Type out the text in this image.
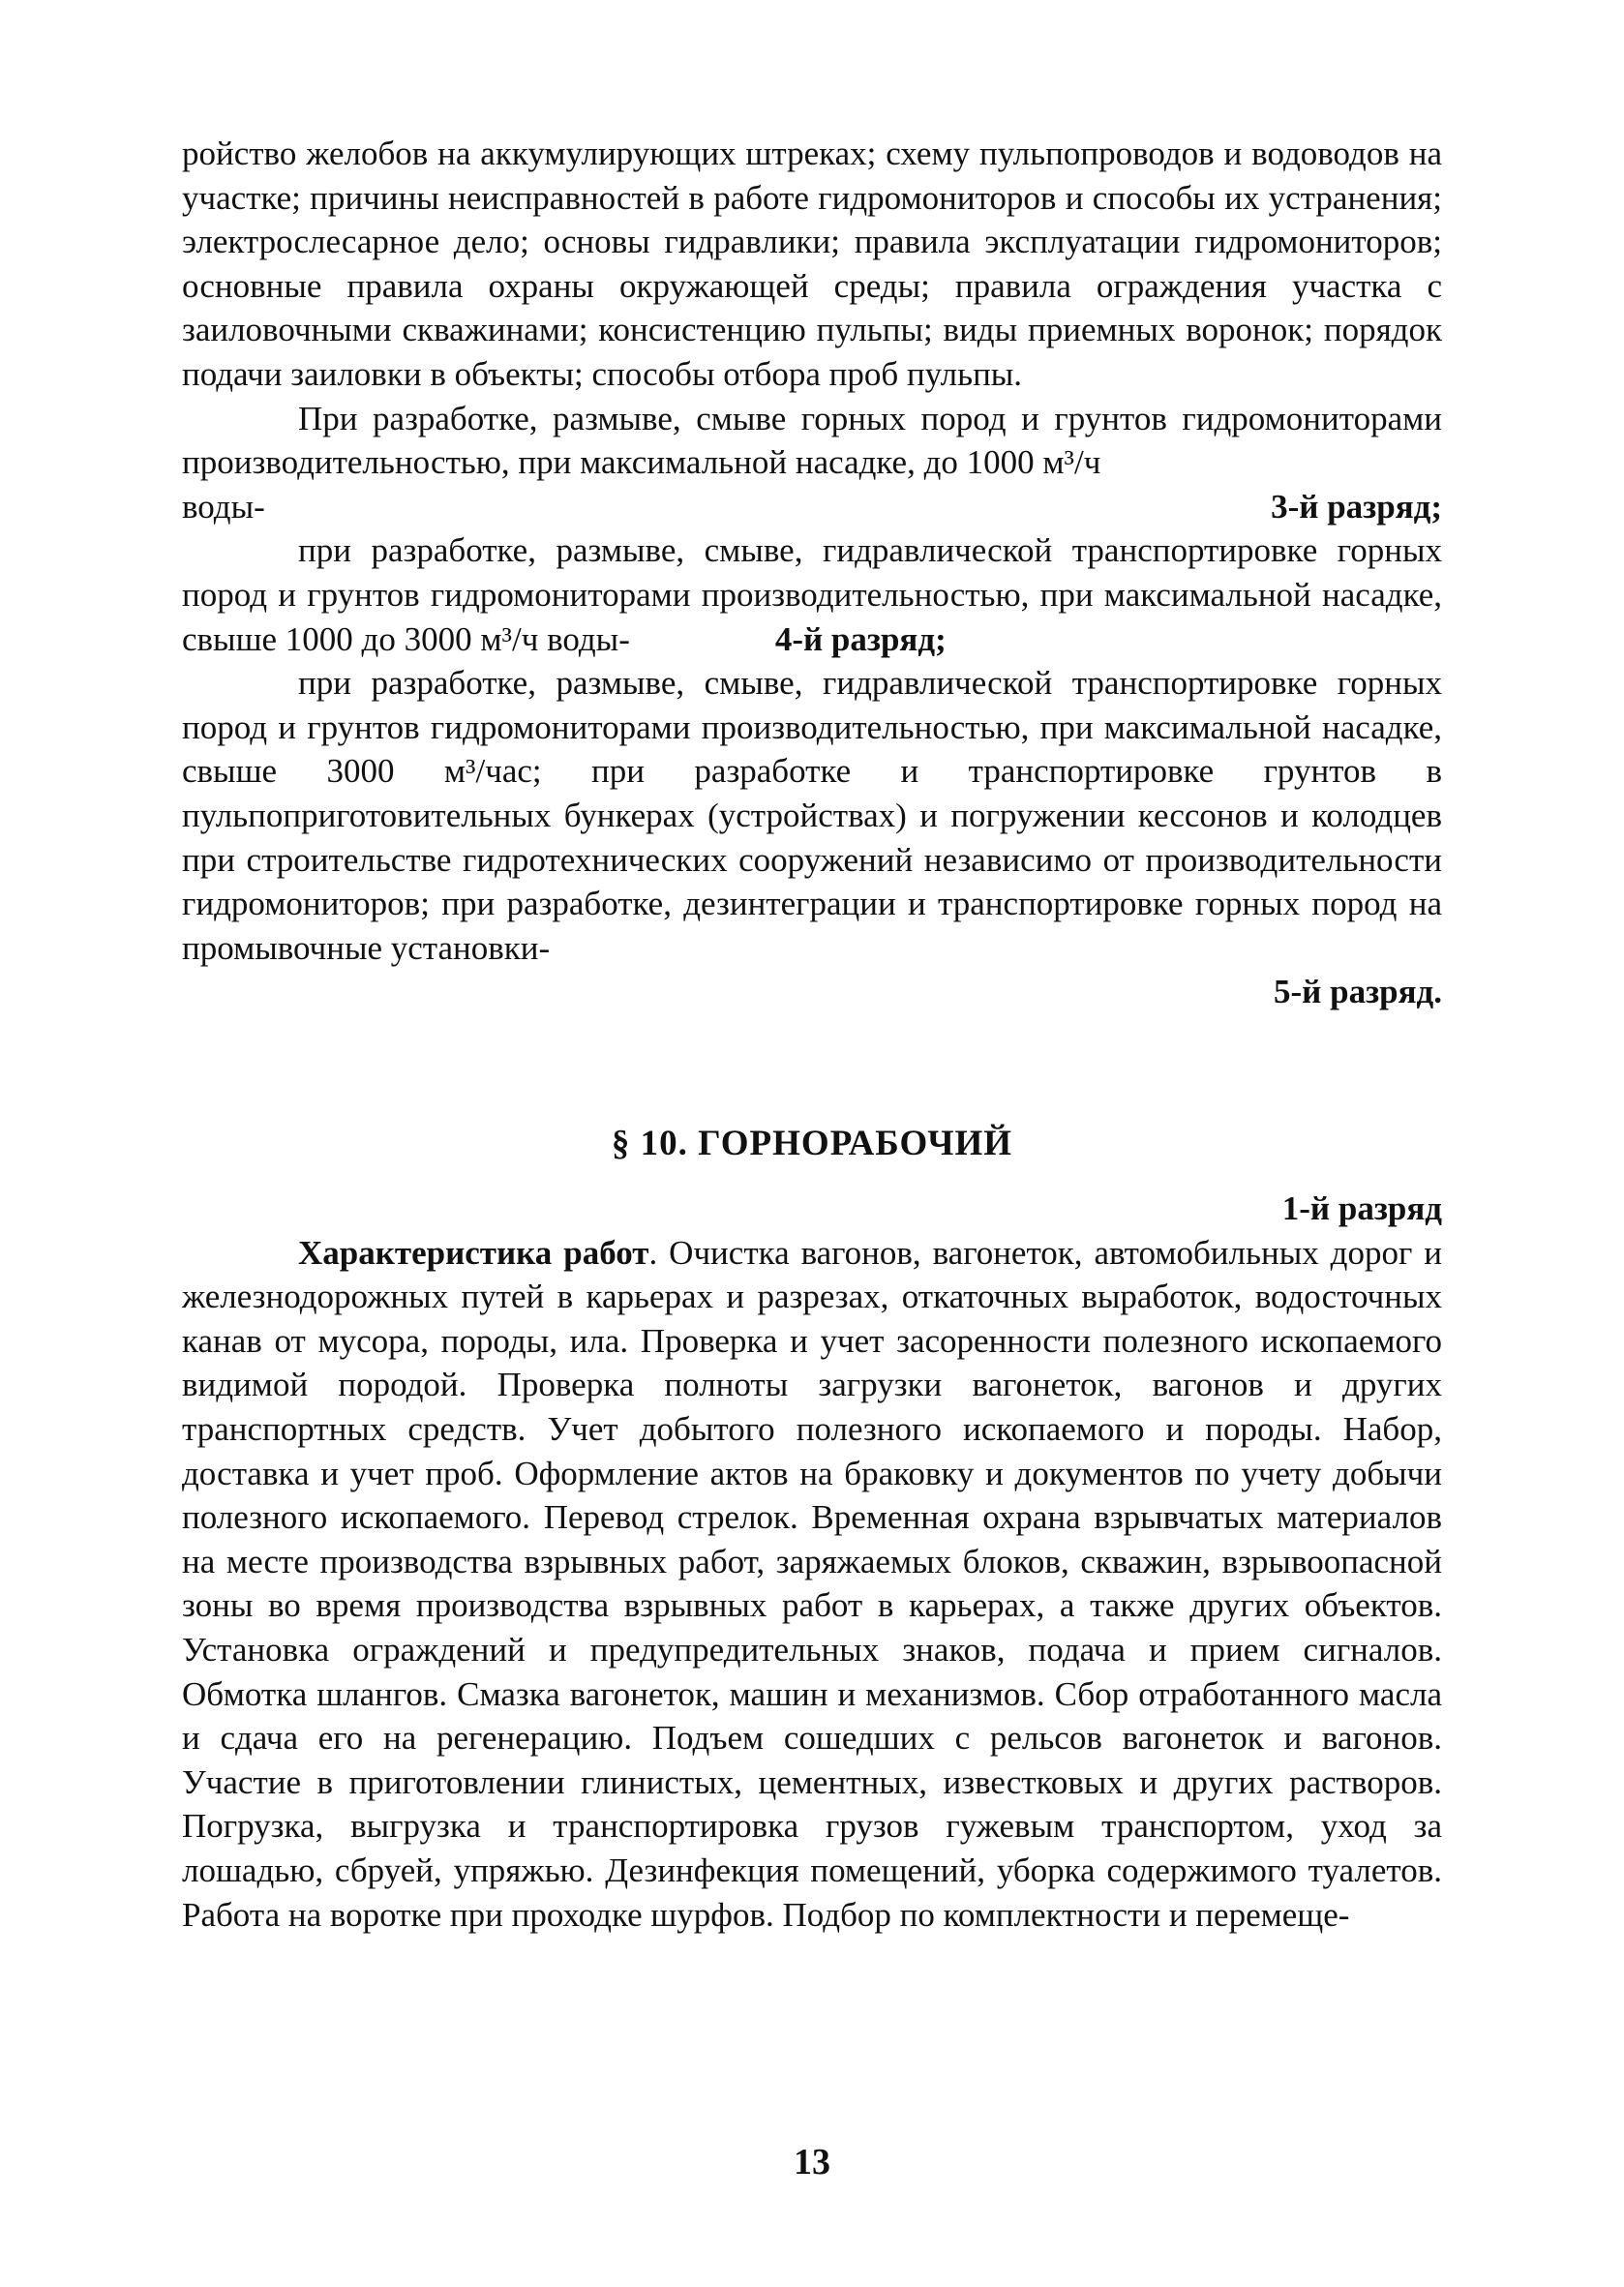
ройство желобов на аккумулирующих штреках; схему пульпопроводов и водоводов на участке; причины неисправностей в работе гидромониторов и способы их устранения; электрослесарное дело; основы гидравлики; правила эксплуатации гидромониторов; основные правила охраны окружающей среды; правила ограждения участка с заиловочными скважинами; консистенцию пульпы; виды приемных воронок; порядок подачи заиловки в объекты; способы отбора проб пульпы.

При разработке, размыве, смыве горных пород и грунтов гидромониторами производительностью, при максимальной насадке, до 1000 м³/ч

воды-	3-й разряд;

при разработке, размыве, смыве, гидравлической транспортировке горных пород и грунтов гидромониторами производительностью, при максимальной насадке, свыше 1000 до 3000 м³/ч воды-	4-й разряд;

при разработке, размыве, смыве, гидравлической транспортировке горных пород и грунтов гидромониторами производительностью, при максимальной насадке, свыше 3000 м³/час; при разработке и транспортировке грунтов в пульпоприготовительных бункерах (устройствах) и погружении кессонов и колодцев при строительстве гидротехнических сооружений независимо от производительности гидромониторов; при разработке, дезинтеграции и транспортировке горных пород на промывочные установки-

5-й разряд.
§ 10. ГОРНОРАБОЧИЙ
1-й разряд

Характеристика работ. Очистка вагонов, вагонеток, автомобильных дорог и железнодорожных путей в карьерах и разрезах, откаточных выработок, водосточных канав от мусора, породы, ила. Проверка и учет засоренности полезного ископаемого видимой породой. Проверка полноты загрузки вагонеток, вагонов и других транспортных средств. Учет добытого полезного ископаемого и породы. Набор, доставка и учет проб. Оформление актов на браковку и документов по учету добычи полезного ископаемого. Перевод стрелок. Временная охрана взрывчатых материалов на месте производства взрывных работ, заряжаемых блоков, скважин, взрывоопасной зоны во время производства взрывных работ в карьерах, а также других объектов. Установка ограждений и предупредительных знаков, подача и прием сигналов. Обмотка шлангов. Смазка вагонеток, машин и механизмов. Сбор отработанного масла и сдача его на регенерацию. Подъем сошедших с рельсов вагонеток и вагонов. Участие в приготовлении глинистых, цементных, известковых и других растворов. Погрузка, выгрузка и транспортировка грузов гужевым транспортом, уход за лошадью, сбруей, упряжью. Дезинфекция помещений, уборка содержимого туалетов. Работа на воротке при проходке шурфов. Подбор по комплектности и перемеще-

13
